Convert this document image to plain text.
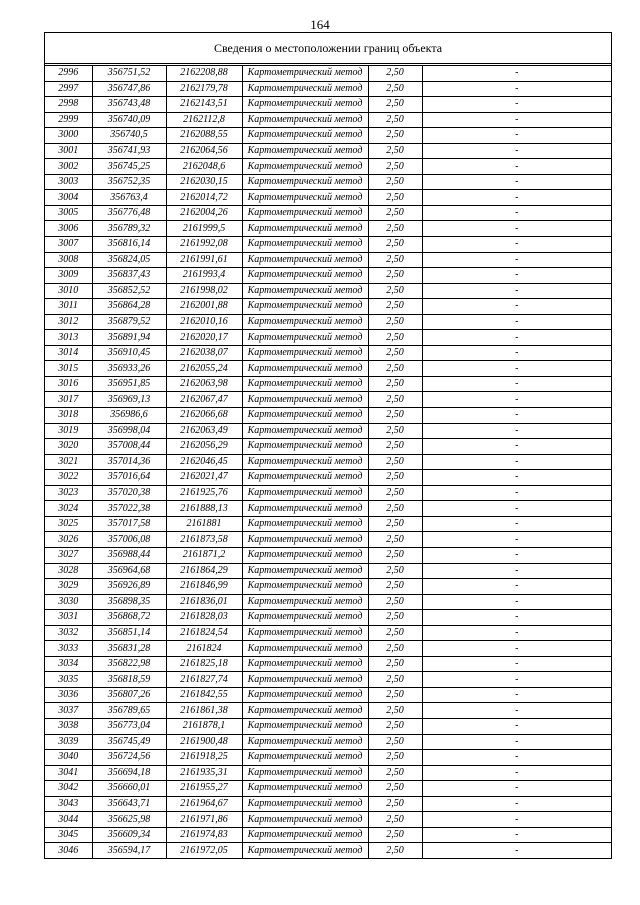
164
Сведения о местоположении границ объекта
2996	356751,52	2162208,88	Картометрический метод	2,50	-
2997	356747,86	2162179,78	Картометрический метод	2,50	-
2998	356743,48	2162143,51	Картометрический метод	2,50	-
2999	356740,09	2162112,8	Картометрический метод	2,50	-
3000	356740,5	2162088,55	Картометрический метод	2,50	-
3001	356741,93	2162064,56	Картометрический метод	2,50	-
3002	356745,25	2162048,6	Картометрический метод	2,50	-
3003	356752,35	2162030,15	Картометрический метод	2,50	-
3004	356763,4	2162014,72	Картометрический метод	2,50	-
3005	356776,48	2162004,26	Картометрический метод	2,50	-
3006	356789,32	2161999,5	Картометрический метод	2,50	-
3007	356816,14	2161992,08	Картометрический метод	2,50	-
3008	356824,05	2161991,61	Картометрический метод	2,50	-
3009	356837,43	2161993,4	Картометрический метод	2,50	-
3010	356852,52	2161998,02	Картометрический метод	2,50	-
3011	356864,28	2162001,88	Картометрический метод	2,50	-
3012	356879,52	2162010,16	Картометрический метод	2,50	-
3013	356891,94	2162020,17	Картометрический метод	2,50	-
3014	356910,45	2162038,07	Картометрический метод	2,50	-
3015	356933,26	2162055,24	Картометрический метод	2,50	-
3016	356951,85	2162063,98	Картометрический метод	2,50	-
3017	356969,13	2162067,47	Картометрический метод	2,50	-
3018	356986,6	2162066,68	Картометрический метод	2,50	-
3019	356998,04	2162063,49	Картометрический метод	2,50	-
3020	357008,44	2162056,29	Картометрический метод	2,50	-
3021	357014,36	2162046,45	Картометрический метод	2,50	-
3022	357016,64	2162021,47	Картометрический метод	2,50	-
3023	357020,38	2161925,76	Картометрический метод	2,50	-
3024	357022,38	2161888,13	Картометрический метод	2,50	-
3025	357017,58	2161881	Картометрический метод	2,50	-
3026	357006,08	2161873,58	Картометрический метод	2,50	-
3027	356988,44	2161871,2	Картометрический метод	2,50	-
3028	356964,68	2161864,29	Картометрический метод	2,50	-
3029	356926,89	2161846,99	Картометрический метод	2,50	-
3030	356898,35	2161836,01	Картометрический метод	2,50	-
3031	356868,72	2161828,03	Картометрический метод	2,50	-
3032	356851,14	2161824,54	Картометрический метод	2,50	-
3033	356831,28	2161824	Картометрический метод	2,50	-
3034	356822,98	2161825,18	Картометрический метод	2,50	-
3035	356818,59	2161827,74	Картометрический метод	2,50	-
3036	356807,26	2161842,55	Картометрический метод	2,50	-
3037	356789,65	2161861,38	Картометрический метод	2,50	-
3038	356773,04	2161878,1	Картометрический метод	2,50	-
3039	356745,49	2161900,48	Картометрический метод	2,50	-
3040	356724,56	2161918,25	Картометрический метод	2,50	-
3041	356694,18	2161935,31	Картометрический метод	2,50	-
3042	356660,01	2161955,27	Картометрический метод	2,50	-
3043	356643,71	2161964,67	Картометрический метод	2,50	-
3044	356625,98	2161971,86	Картометрический метод	2,50	-
3045	356609,34	2161974,83	Картометрический метод	2,50	-
3046	356594,17	2161972,05	Картометрический метод	2,50	-
